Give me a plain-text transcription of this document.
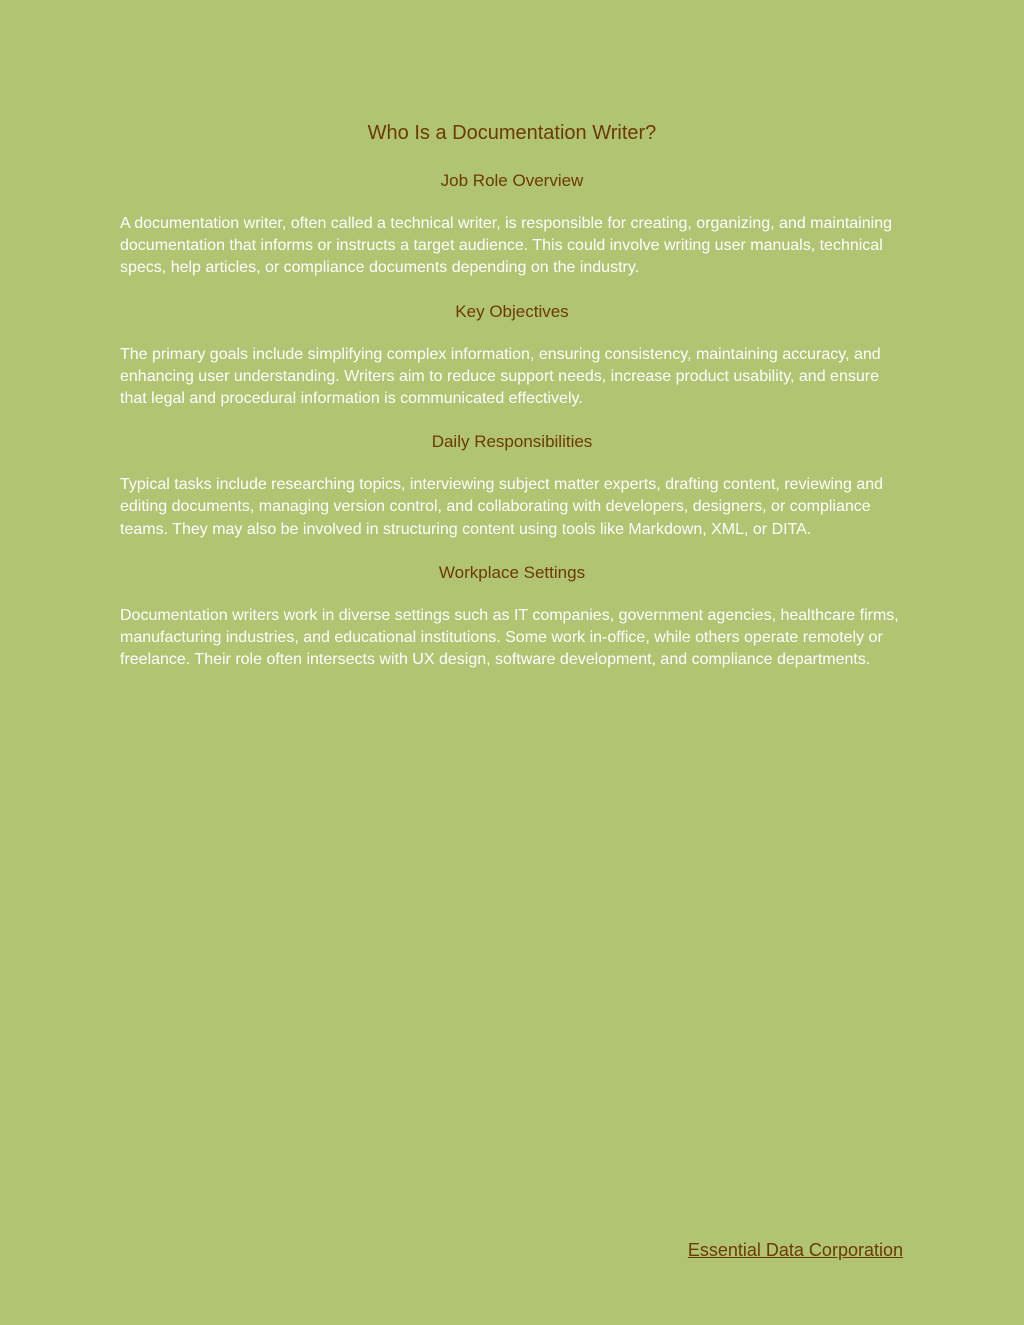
Who Is a Documentation Writer?
Job Role Overview

A documentation writer, often called a technical writer, is responsible for creating, organizing, and maintaining documentation that informs or instructs a target audience. This could involve writing user manuals, technical specs, help articles, or compliance documents depending on the industry.

Key Objectives

The primary goals include simplifying complex information, ensuring consistency, maintaining accuracy, and enhancing user understanding. Writers aim to reduce support needs, increase product usability, and ensure that legal and procedural information is communicated effectively.

Daily Responsibilities

Typical tasks include researching topics, interviewing subject matter experts, drafting content, reviewing and editing documents, managing version control, and collaborating with developers, designers, or compliance teams. They may also be involved in structuring content using tools like Markdown, XML, or DITA.

Workplace Settings

Documentation writers work in diverse settings such as IT companies, government agencies, healthcare firms, manufacturing industries, and educational institutions. Some work in-office, while others operate remotely or freelance. Their role often intersects with UX design, software development, and compliance departments.

Essential Data Corporation
